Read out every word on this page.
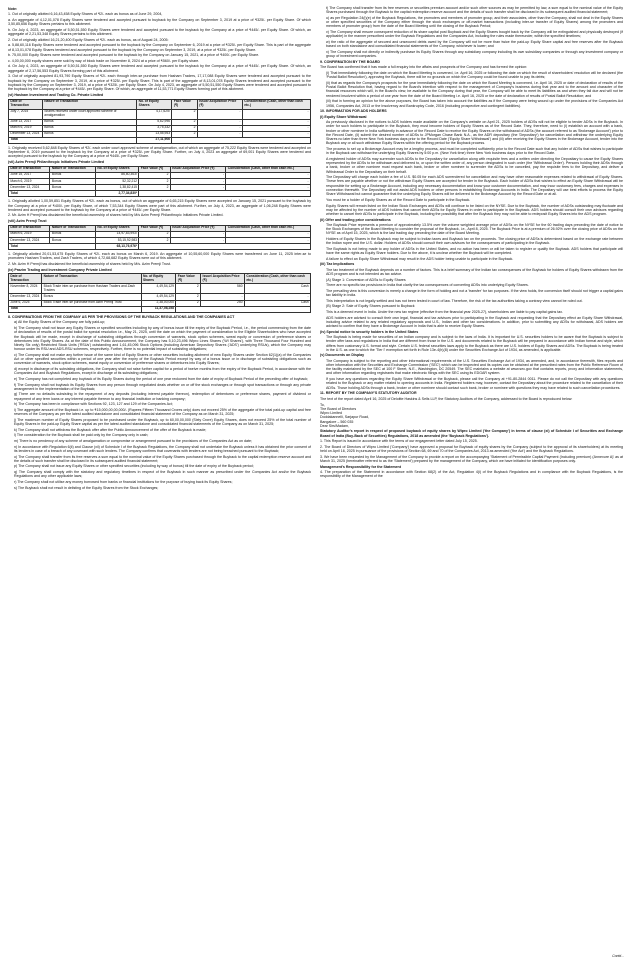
Note:

1. Out of originally allotted 6,16,43,458 Equity Shares of ₹2/- each as bonus as of June 29, 2004,

a. An aggregate of 4,12,01,078 Equity Shares were tendered and accepted pursuant to buyback by the Company on September 3, 2019 at a price of ₹325/- per Equity Share. Of which 3,50,85,656 Equity Shares pertains to this allotment.

b. On July 4, 2023, an aggregate of 5,50,51,550 Equity Shares were tendered and accepted pursuant to the buyback by the Company at a price of ₹445/- per Equity Share. Of which, an aggregate of 2,21,53,348 Equity Shares pertains to this allotment.

2. Out of originally allotted 16,21,20,400 Equity Shares of ₹2/- each as bonus, as of August 24, 2005:

a. 5,88,60,116 Equity Shares were tendered and accepted pursuant to the buyback by the Company on September 6, 2019 at a price of ₹325/- per Equity Share. This is part of the aggregate of 8,13,01,078 Equity Shares tendered and accepted pursuant to the buyback by the Company on September 3, 2019, at a price of ₹325/- per Equity Share.

b. 75,00,000 Equity Shares were tendered and accepted pursuant to the buyback by the Company on January 15, 2021, at a price of ₹400/- per Equity Share.

c. 4,00,00,000 equity shares were sold by way of block trade on November 8, 2024 at a price of ₹560/- per Equity share.

d. On July 4, 2023, an aggregate of 5,50,51,550 Equity Shares were tendered and accepted pursuant to the buyback by the Company at a price of ₹445/- per Equity Share. Of which, an aggregate of 2,17,56,553 Equity Shares forming part of this allotment.

3. Out of originally acquired 81,93,790 Equity Shares of ₹2/- each through inter-se purchase from Hasham Traders, 17,17,088 Equity Shares were tendered and accepted pursuant to the buyback by the Company on September 3, 2019, at a price of ₹325/- per Equity Share. This is part of the aggregate of 8,13,01,078 Equity Shares tendered and accepted pursuant to the buyback by the Company on September 3, 2019, at a price of ₹325/- per Equity Share. On July 4, 2023, an aggregate of 5,50,51,550 Equity Shares were tendered and accepted pursuant to the buyback by the Company at a price of ₹445/- per Equity Share. Of which, an aggregate of 11,53,771 Equity Shares forming part of this allotment.

(vi) Hasham Investment and Trading Co. Private Limited

Date of Transaction	Nature of Transaction	No. of Equity Shares	Face Value (₹)	Issue/ Acquisition Price (₹)	Consideration (Cash, other than cash etc.)
July 7, 2015	Shares received under court approved scheme of amalgamation	4,17,625¹	2	-	-
June 13, 2017	Bonus	5,62,996	2	-	-
March 6, 2019	Bonus	3,75,332	2	-	-
December 13, 2024	Bonus	13,55,953	2	-	-
Total		27,11,906			

1. Originally received 5,62,848 Equity Shares of ₹2/- each under court approved scheme of amalgamation, out of which an aggregate of 75,222 Equity Shares were tendered and accepted on September 6, 2019 pursuant to the buyback by the Company at a price of ₹325/- per Equity Share. Further, on July 4, 2023 an aggregate of 69,001 Equity Shares were tendered and accepted pursuant to the buyback by the Company at a price of ₹445/- per Equity Share.

(vii) Azim Premji Philanthropic Initiatives Private Limited

Date of Transaction	Nature of Transaction	No. of Equity Shares	Face Value (₹)	Issue/ Acquisition Price (₹)	Consideration (Cash, other than cash etc.)
June 15, 2017	Bonus	86,60,363¹	2	-	-
March 6, 2019	Bonus	52,32,212	2	-	-
December 13, 2024	Bonus	1,38,82,415	2	-	-
Total		2,77,34,830²			

1. Originally allotted 1,00,59,851 Equity Shares of ₹2/- each as bonus, out of which an aggregate of 6,65,215 Equity Shares were accepted on January 15, 2021 pursuant to the buyback by the Company at a price of ₹400/- per Equity Share, of which 7,53,344 Equity Shares were part of this allotment. Further, on July 4, 2023, an aggregate of 1,06,248 Equity Shares were tendered and accepted pursuant to the buyback by the Company at a price of ₹445/- per Equity Share.

2. Mr. Azim H Premji has disclaimed the beneficial ownership of shares held by M/s Azim Premji Philanthropic Initiatives Private Limited.

(viii) Azim Premji Trust

Date of Transaction	Nature of Transaction	No. of Equity Shares	Face Value (₹)	Issue/ Acquisition Price (₹)	Consideration (Cash, other than cash etc.)
March 6, 2019	Bonus	14,97,83,993¹	2	-	-
December 13, 2024	Bonus	53,15,92,983	2	-	-
Total		68,13,76,976²			

1. Originally allotted 20,01,53,675 Equity Shares of ₹2/- each as bonus on March 6, 2019. An aggregate of 10,55,60,000 Equity Shares were transferred on June 11, 2025 inter-se to promoters Hasham Traders, and Zash Traders, of which 4,72,68,682 Equity Shares were out of this allotment.

2. Mr. Azim H Premji has disclaimed the beneficial ownership of shares held by M/s. Azim Premji Trust.

(ix) Prazim Trading and Investment Company Private Limited

Date of Transaction	Nature of Transaction	No. of Equity Shares	Face Value (₹)	Issue/ Acquisition Price (₹)	Consideration (Cash, other than cash etc.)
November 8, 2024	Block Trade inter-se purchase from Hasham Traders and Zash Traders	4,49,54,129	2	560	Cash
December 13, 2024	Bonus	4,49,54,129	2	-	-
June 6, 2025	Block Trade inter-se purchase from Azim Premji Trust	2,38,00,000	2	250	Cash
Total		11,37,08,258			

8. CONFIRMATIONS FROM THE COMPANY AS PER THE PROVISIONS OF THE BUYBACK REGULATIONS AND THE COMPANIES ACT

a) All the Equity Shares of the Company are fully paid-up;

b) The Company shall not issue any Equity Shares or specified securities including by way of bonus issue till the expiry of the Buyback Period, i.e., the period commencing from the date of declaration of results of the postal ballot for special resolution i.e., May 21, 2025, until the date on which the payment of consideration to the Eligible Shareholders who have accepted the Buyback will be made, except in discharge of subsisting obligations through conversion of warrants, stock option schemes, sweat equity or conversion of preference shares or debentures into Equity Shares. As at the date of this Public Announcement, the Company has 5,10,23,496 Wipro Lines Shares ('WI Shares'), with Three Thousand Four Hundred and Ninety Six only) Restricted Stock Units ('RSUs') outstanding and 1,61,45,096 Stock Options (including American Depository Shares ('ADS') underlying RSUs), which the Company may honour under its RSU and ADS-RSU schemes, respectively. Further, there is no potential impact of subsisting obligations;

c) The Company shall not make any further issue of the same kind of Equity Shares or other securities including allotment of new Equity Shares under Section 62(1)(a) of the Companies Act or other specified securities within a period of one year after the expiry of the Buyback Period except by way of a bonus issue or in discharge of subsisting obligations such as conversion of warrants, stock option schemes, sweat equity or conversion of preference shares or debentures into Equity Shares;

d) except in discharge of its subsisting obligations, the Company shall not raise further capital for a period of twelve months from the expiry of the Buyback Period, in accordance with the Companies Act and Buyback Regulations, except in discharge of its subsisting obligations;

e) The Company has not completed any buyback of its Equity Shares during the period of one year reckoned from the date of expiry of Buyback Period of the preceding offer of buyback;

f) The Company shall not buyback its Equity Shares from any person through negotiated deals whether on or off the stock exchanges or through spot transactions or through any private arrangement in the implementation of the Buyback;

g) There are no defaults subsisting in the repayment of any deposits (including interest payable thereon), redemption of debentures or preference shares, payment of dividend or repayment of any term loans or any interest payable thereon to any financial institution or banking company;

h) The Company has been in compliance with Sections 92, 123, 127 and 129 of the Companies Act;

i) The aggregate amount of the Buyback i.e. up to ₹15,000,00,00,000/- (Rupees Fifteen Thousand Crores only) does not exceed 25% of the aggregate of the total paid-up capital and free reserves of the Company as per the latest audited standalone and consolidated financial statement of the Company as on March 31, 2025;

j) The maximum number of Equity Shares proposed to be purchased under the Buyback, up to 60,00,00,000 (Sixty Crore) Equity Shares, does not exceed 25% of the total number of Equity Shares in the paid-up Equity Share capital as per the latest audited standalone and consolidated financial statements of the Company as on March 31, 2025;

k) The Company shall not withdraw the Buyback offer after the Public Announcement of the offer of the Buyback is made;

l) The consideration for the Buyback shall be paid only by the Company only in cash;

m) There is no pendency of any scheme of amalgamation or compromise or arrangement pursuant to the provisions of the Companies Act as on date;

n) In accordance with Regulation 6(ii) and Clause (xii) of Schedule I of the Buyback Regulations, the Company shall not undertake the Buyback unless it has obtained the prior consent of its lenders in case of a breach of any covenant with such lenders. The Company confirms that covenants with lenders are not being breached pursuant to the Buyback;

o) The Company shall transfer from its free reserves a sum equal to the nominal value of the Equity Shares purchased through the Buyback to the capital redemption reserve account and the details of such transfer shall be disclosed in its subsequent audited financial statement;

p) The Company shall not issue any Equity Shares or other specified securities (including by way of bonus) till the date of expiry of the Buyback period;

q) The Company shall comply with the statutory and regulatory timelines in respect of the Buyback in such manner as prescribed under the Companies Act and/or the Buyback Regulations and any other applicable laws;

r) The Company shall not utilise any money borrowed from banks or financial institutions for the purpose of buying back its Equity Shares;

s) The Buyback shall not result in delisting of the Equity Shares from the Stock Exchanges;

t) The Company shall transfer from its free reserves or securities premium account and/or such other sources as may be permitted by law, a sum equal to the nominal value of the Equity Shares purchased through the Buyback to the capital redemption reserve account and the details of such transfer shall be disclosed in its subsequent audited financial statement;

u) as per Regulation 24(i)(e) of the Buyback Regulations, the promoters and members of promoter group, and their associates, other than the Company, shall not deal in the Equity Shares or other specified securities of the Company either through the stock exchanges or off-market transactions (including inter-se transfer of Equity Shares) among the promoters and members of promoter group) from the date of the Board Meeting until the closing of the Buyback Period;

v) The Company shall ensure consequent reduction of its share capital post Buyback and the Equity Shares bought back by the Company will be extinguished and physically destroyed (if applicable) in the manner prescribed under the Buyback Regulations and the Companies Act, including the rules made thereunder, within the specified timelines;

w) the ratio of the aggregate of secured and unsecured debts owed by the Company will not be more than twice the paid-up Equity Share capital and free reserves after the Buyback based on both standalone and consolidated financial statements of the Company, whichever is lower; and

x) The Company shall not directly or indirectly purchase its Equity Shares through any subsidiary company including its own subsidiary companies or through any investment company or group of investment companies.

9. CONFIRMATION BY THE BOARD

The Board has confirmed that it has made a full enquiry into the affairs and prospects of the Company and has formed the opinion:

(i) That immediately following the date on which the Board Meeting is convened, i.e. April 16, 2025 or following the date on which the result of shareholders' resolution will be declared (the 'Postal Ballot Resolution'), approving the Buyback, there will be no grounds on which the Company could be found unable to pay its debts;

(ii) that as regards the Company's prospects for the year immediately following the date on which the Board Meeting is convened, i.e. April 16, 2025 or date of declaration of results of the Postal Ballot Resolution that, having regard to the Board's intention with respect to the management of Company's business during that year and to the amount and character of the financial resources which will, in the Board's view, be available to the Company during that year, the Company will be able to meet its liabilities as and when they fall due and will not be rendered insolvent within a period of one year from the date of the Board Meeting i.e. April 16, 2025 or the date of declaration of results of Postal Ballot Resolution; and

(iii) that in forming an opinion for the above purposes, the Board has taken into account the liabilities as if the Company were being wound up under the provisions of the Companies Act 1956, Companies Act, 2013 or the Insolvency and Bankruptcy Code, 2016 (including prospective and contingent liabilities).

10. INFORMATION FOR ADS HOLDERS

(i) Equity Share Withdrawal

As previously disclosed in the notices to ADS holders made available on the Company's website on April 21, 2025 holders of ADSs will not be eligible to tender ADSs in the Buyback. In order for such holders to participate in the Buyback, they must become holders of Equity Shares as of the Record Date. They, therefore, need to (i) establish an account with a bank, broker or other nominee in India sufficiently in advance of the Record Date to receive the Equity Shares on the withdrawal of ADSs (the account referred to as 'Brokerage Account') prior to the Record Date, (ii) submit the desired number of ADSs to JPMorgan Chase Bank N.A., as the ADR depositary (the 'Depositary') for cancellation and withdraw the underlying Equity Shares no later than three New York business days prior to the Record Date ('Equity Share Withdrawal') and (iii) after receiving the Equity Shares in the Brokerage Account, tender into the Buyback any or all such withdrawn Equity Shares within the offering period for the Buyback process.

The process to set up a Brokerage Account may be a lengthy process, and must be completed sufficiently prior to the Record Date such that any holder of ADSs that wishes to participate in the Buyback can withdraw the underlying Equity Shares by 5:00 p.m. (New York time) three New York business days prior to the Record Date.

A registered holder of ADSs may surrender such ADSs to the Depositary for cancellation along with requisite fees and a written order directing the Depositary to cause the Equity Shares represented by the ADSs to be withdrawn and delivered to, or upon the written order of, any person designated in such order (the 'Withdrawal Order'). Persons holding their ADSs through a bank, broker or other nominee must request such bank, broker or other nominee to surrender the ADSs to be cancelled, pay the requisite fees to the Depositary, and deliver a Withdrawal Order to the Depositary on their behalf.

The Depositary will charge each holder a fee of U.S. $0.05 for each ADS surrendered for cancellation and may have other reasonable expenses related to withdrawal of Equity Shares. These fees are payable whether or not the withdrawn Equity Shares are accepted for tender in the Buyback. Each holder of ADSs that wishes to effect an Equity Share Withdrawal will be responsible for setting up a Brokerage Account, including any necessary documentation and know your customer documentation, and may incur customary fees, charges and expenses in connection therewith. The Depositary will not assist ADS holders or other persons in establishing Brokerage Accounts in India. The Depositary will use best efforts to process the Equity Share Withdrawal but cannot guarantee that the underlying Equity Shares will be delivered to the Brokerage Account by the Record Date or at all.

You must be a holder of Equity Shares as of the Record Date to participate in the Buyback.

Equity Shares will remain listed on the Indian Stock Exchanges and ADSs will continue to be listed on the NYSE. Due to the Buyback, the number of ADSs outstanding may fluctuate and may be affected by the number of ADS holders that cancel their ADSs for Equity Shares in order to participate in the Buyback. ADS holders should consult their own advisors regarding whether to cancel their ADSs to participate in the Buyback, including the possibility that after the Buyback they may not be able to redeposit Equity Shares into the ADS program.

(ii) Offer and trading price considerations

The Buyback Price represents a premium of approximately 13.5% over the volume weighted average price of ADSs on the NYSE for the 60 trading days preceding the date of notice to the Stock Exchanges of the Board Meeting to consider the proposal of the Buyback, i.e., April 8, 2025. The Buyback Price is at a premium of 26.92% over the closing price of ADSs on the NYSE as of April 15, 2025, which is the last trading day preceding the date of the Board Meeting.

Holders of Equity Shares in the Buyback may be subject to Indian taxes and Buyback tax on the proceeds. The closing price of ADSs is determined based on the exchange rate between the Indian rupee and the U.S. dollar. Holders of ADSs should consult their own advisors for the consequences of participating in the Buyback.

The Buyback is not being made to any holder of ADSs in the United States, and no action has been or will be taken to register or qualify the Buyback. ADS holders that participate will have the same rights as Equity Share holders. Due to the above, it is unclear whether the Buyback will be completed.

A failure to effect an Equity Share Withdrawal may result in the ADS holder being unable to participate in the Buyback.

(iii) Tax Implications

The tax treatment of the Buyback depends on a number of factors. This is a brief summary of the Indian tax consequences of the Buyback for holders of Equity Shares withdrawn from the ADS program and is not intended as tax advice.

(A) Stage 1: Conversion of ADSs to Equity Shares

There are no specific tax provisions in India that clarify the tax consequences of converting ADSs into underlying Equity Shares.

The prevailing view is this conversion is merely a change in the form of holding and not a 'transfer' for tax purposes. If the view holds, the conversion itself should not trigger a capital gains tax liability in India.

This interpretation is not legally settled and has not been tested in court of law. Therefore, the risk of the tax authorities taking a contrary view cannot be ruled out.

(B) Stage 2: Sale of Equity Shares pursuant to Buyback

This is a deemed event in India. Under the new tax regime (effective from the financial year 2025-27), shareholders are liable to pay capital gains tax.

ADS holders are advised to consult their own legal, financial and tax advisors prior to participating in the Buyback and requesting that the Depositary effect an Equity Share Withdrawal, including advice related to any related regulatory approvals and U.S., Indian and other tax considerations. In addition, prior to submitting any ADSs for withdrawal, ADS holders are advised to confirm that they have a Brokerage Account in India that is able to receive Equity Shares.

(iv) Special notice to security holders in the United States

The Buyback is being made for securities of an Indian company and is subject to the laws of India. It is important for U.S. securities holders to be aware that the Buyback is subject to tender offer laws and regulations in India that are different from those in the U.S. and documents related to the Buyback will be prepared in accordance with Indian format and style, which differs from customary U.S. format and style. Certain U.S. federal securities laws apply to the Buyback as there are U.S. holders of Equity Shares and ADSs. The Buyback is being treated in the U.S. as one to which the 'Tier I' exemption set forth in Rule 13e-4(h)(8) under the Securities Exchange Act of 1934, as amended, is applicable.

(v) Documents on Display

The Company is subject to the reporting and other informational requirements of the U.S. Securities Exchange Act of 1934, as amended, and, in accordance therewith, files reports and other information with the Securities and Exchange Commission ('SEC') which can be inspected and its copies can be obtained at the prescribed rates from the Public Reference Room of the facility maintained by the SEC at 100 F Street, N.E., Washington, DC 20549. The SEC maintains a website at www.sec.gov that contains reports, proxy and information statements, and other information regarding registrants that make electronic filings with the SEC using its EDGAR system.

If you have any questions regarding the Equity Share Withdrawal or the Buyback, please call the Company at +91-80-2844 0011. Please do not call the Depositary with any questions related to the Buyback or any matter related to opening accounts in India. Registered holders may, however, contact the Depositary about the procedure related to the cancellation of their ADSs. Those holding ADSs through a bank, broker or other nominee should contact such bank, broker or nominee with questions they may have related to such cancellation procedures.

11. REPORT BY THE COMPANY'S STATUTORY AUDITOR

The text of the report dated April 16, 2025 of Deloitte Haskins & Sells LLP, the Statutory Auditors of the Company, addressed to the Board is reproduced below:

To,

The Board of Directors

Wipro Limited

Doddakannelli, Sarjapur Road,

Bangalore – 560 035

Dear Sirs/Madam,

Statutory Auditor's report in respect of proposed buyback of equity shares by Wipro Limited ('the Company') in terms of clause (xi) of Schedule I of Securities and Exchange Board of India (Buy-Back of Securities) Regulations, 2018 as amended (the 'Buyback Regulations').

1. This Report is issued in accordance with the terms of our engagement letter dated July 15, 2025.

2. The Board of Directors of Wipro Limited ('Company') have approved a proposal for Buyback of equity shares by the Company (subject to the approval of its shareholders) at its meeting held on April 16, 2025 in pursuance of the provisions of Section 68, 69 and 70 of the Companies Act, 2013 as amended ('the Act') and the Buyback Regulations.

3. We have been requested by the Management of the Company to provide a report on the accompanying 'Statement of Permissible Capital Payment (Including premium) (Annexure A)' as at March 31, 2025 (hereinafter referred to as the 'Statement') prepared by the management of the Company, which we have initialed for identification purposes only.

Management's Responsibility for the Statement

4. The preparation of the Statement in accordance with Section 68(2) of the Act, Regulation 4(i) of the Buyback Regulations and in compliance with the Buyback Regulations, is the responsibility of the Management of the

Contd...
